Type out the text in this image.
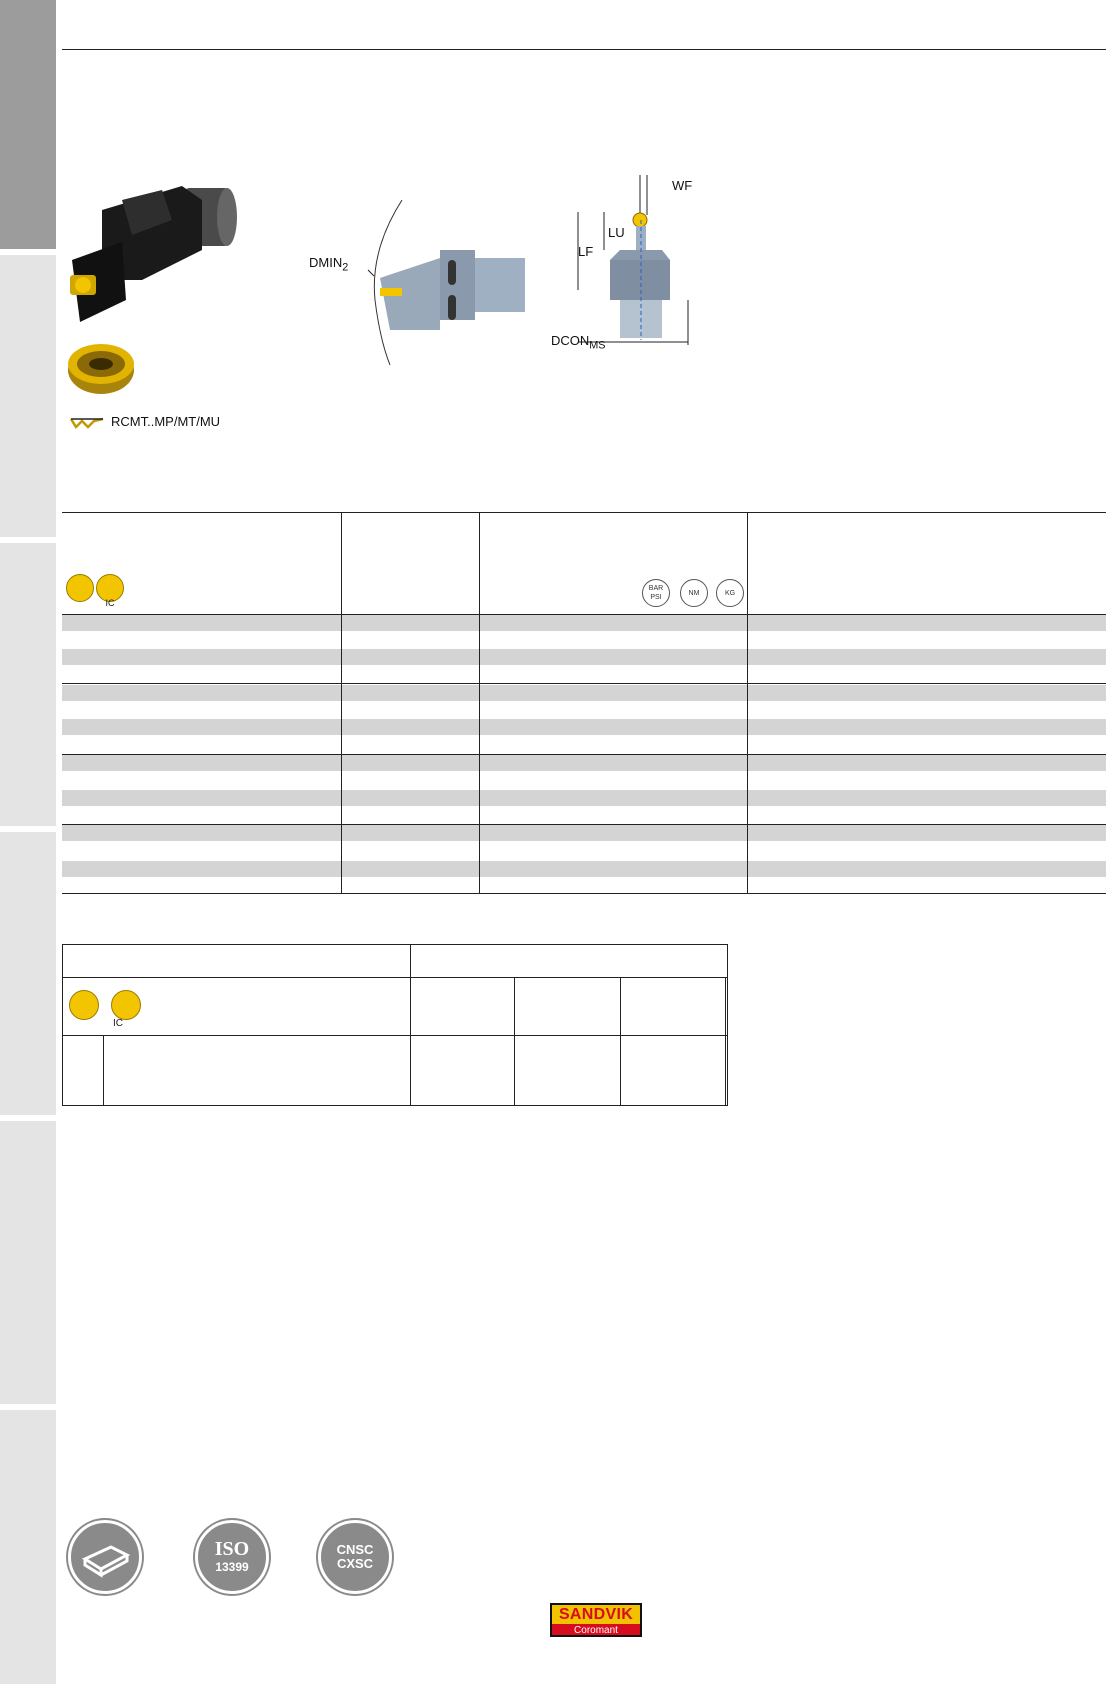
RCMT..MP/MT/MU
$DMIN_2$
WF
LU
LF
$DCON_{MS}$
IC
BAR
PSI
NM	KG

IC					

ISO
13399
CNSC
CXSC
SANDVIK
Coromant
